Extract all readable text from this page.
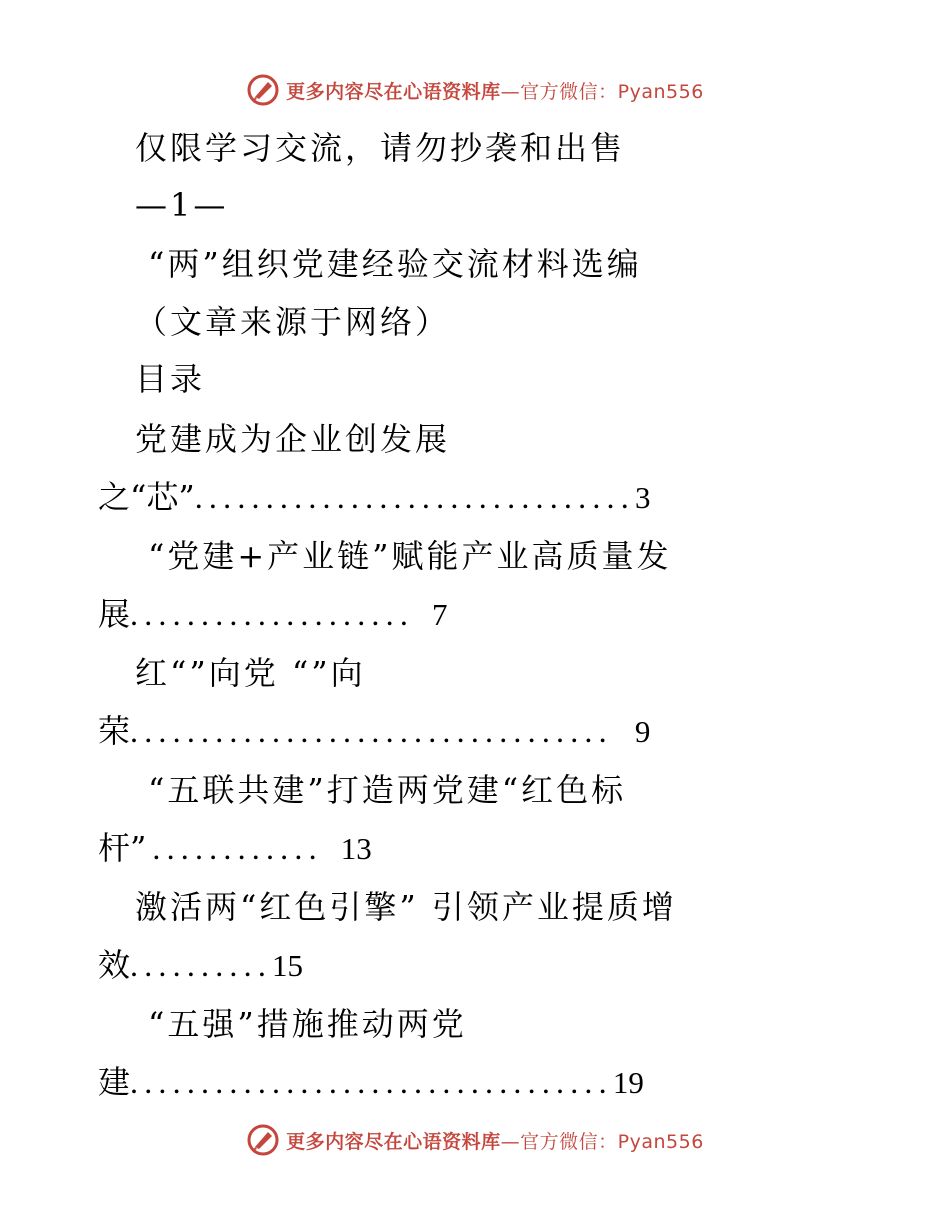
更多内容尽在心语资料库—官方微信：Pyan556
仅限学习交流，请勿抄袭和出售
—1—
“两”组织党建经验交流材料选编
（文章来源于网络）
目录
党建成为企业创发展
之“芯” ............................... 3
“党建+产业链”赋能产业高质量发
展 .................... 7
红“”向党 “”向
荣 .................................. 9
“五联共建”打造两党建“红色标
杆” ............ 13
激活两“红色引擎” 引领产业提质增
效 .......... 15
“五强”措施推动两党
建 .................................. 19
更多内容尽在心语资料库—官方微信：Pyan556
